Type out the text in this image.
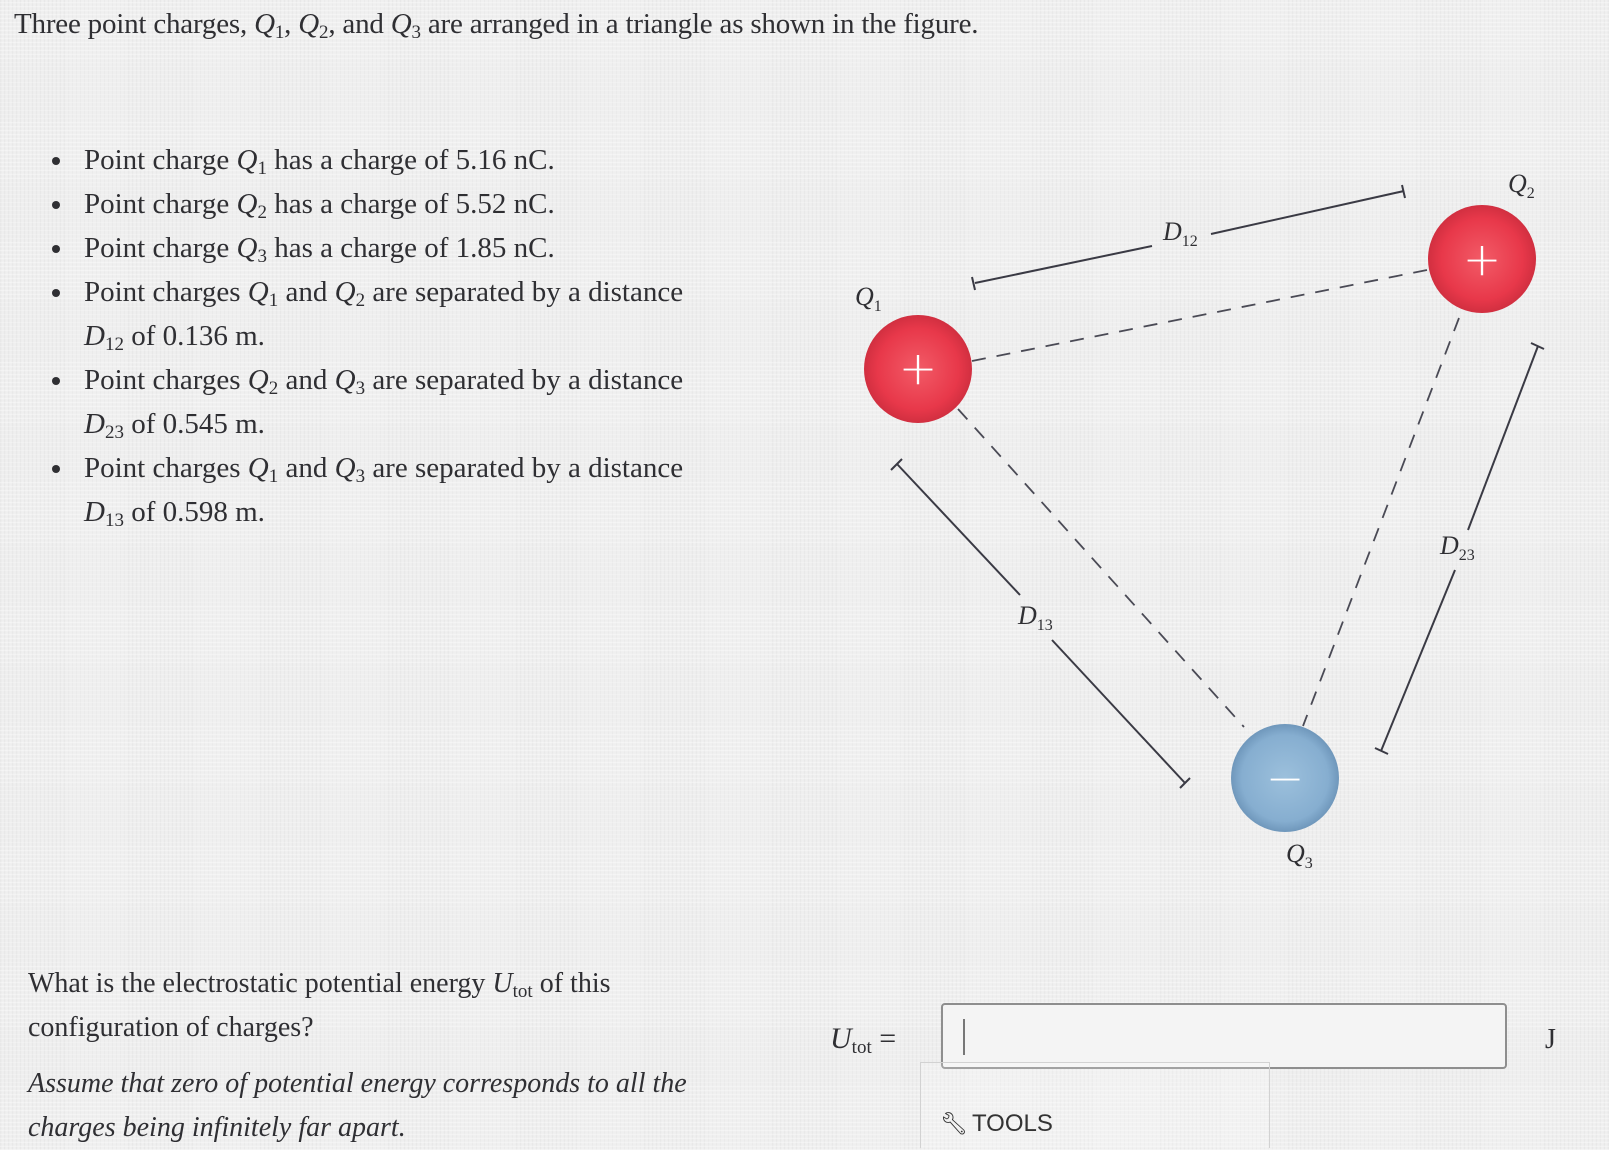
Three point charges, $Q_1$, $Q_2$, and $Q_3$ are arranged in a triangle as shown in the figure.
Point charge $Q_1$ has a charge of 5.16 nC.
Point charge $Q_2$ has a charge of 5.52 nC.
Point charge $Q_3$ has a charge of 1.85 nC.
Point charges $Q_1$ and $Q_2$ are separated by a distance
$D_{12}$ of 0.136 m.
Point charges $Q_2$ and $Q_3$ are separated by a distance
$D_{23}$ of 0.545 m.
Point charges $Q_1$ and $Q_3$ are separated by a distance
$D_{13}$ of 0.598 m.
+
+
−
$Q_1$
$Q_2$
$Q_3$
$D_{12}$
$D_{13}$
$D_{23}$
What is the electrostatic potential energy $U_{tot}$ of this configuration of charges?
Assume that zero of potential energy corresponds to all the charges being infinitely far apart.
$U_{tot}$ =	J
🔧︎ TOOLS
